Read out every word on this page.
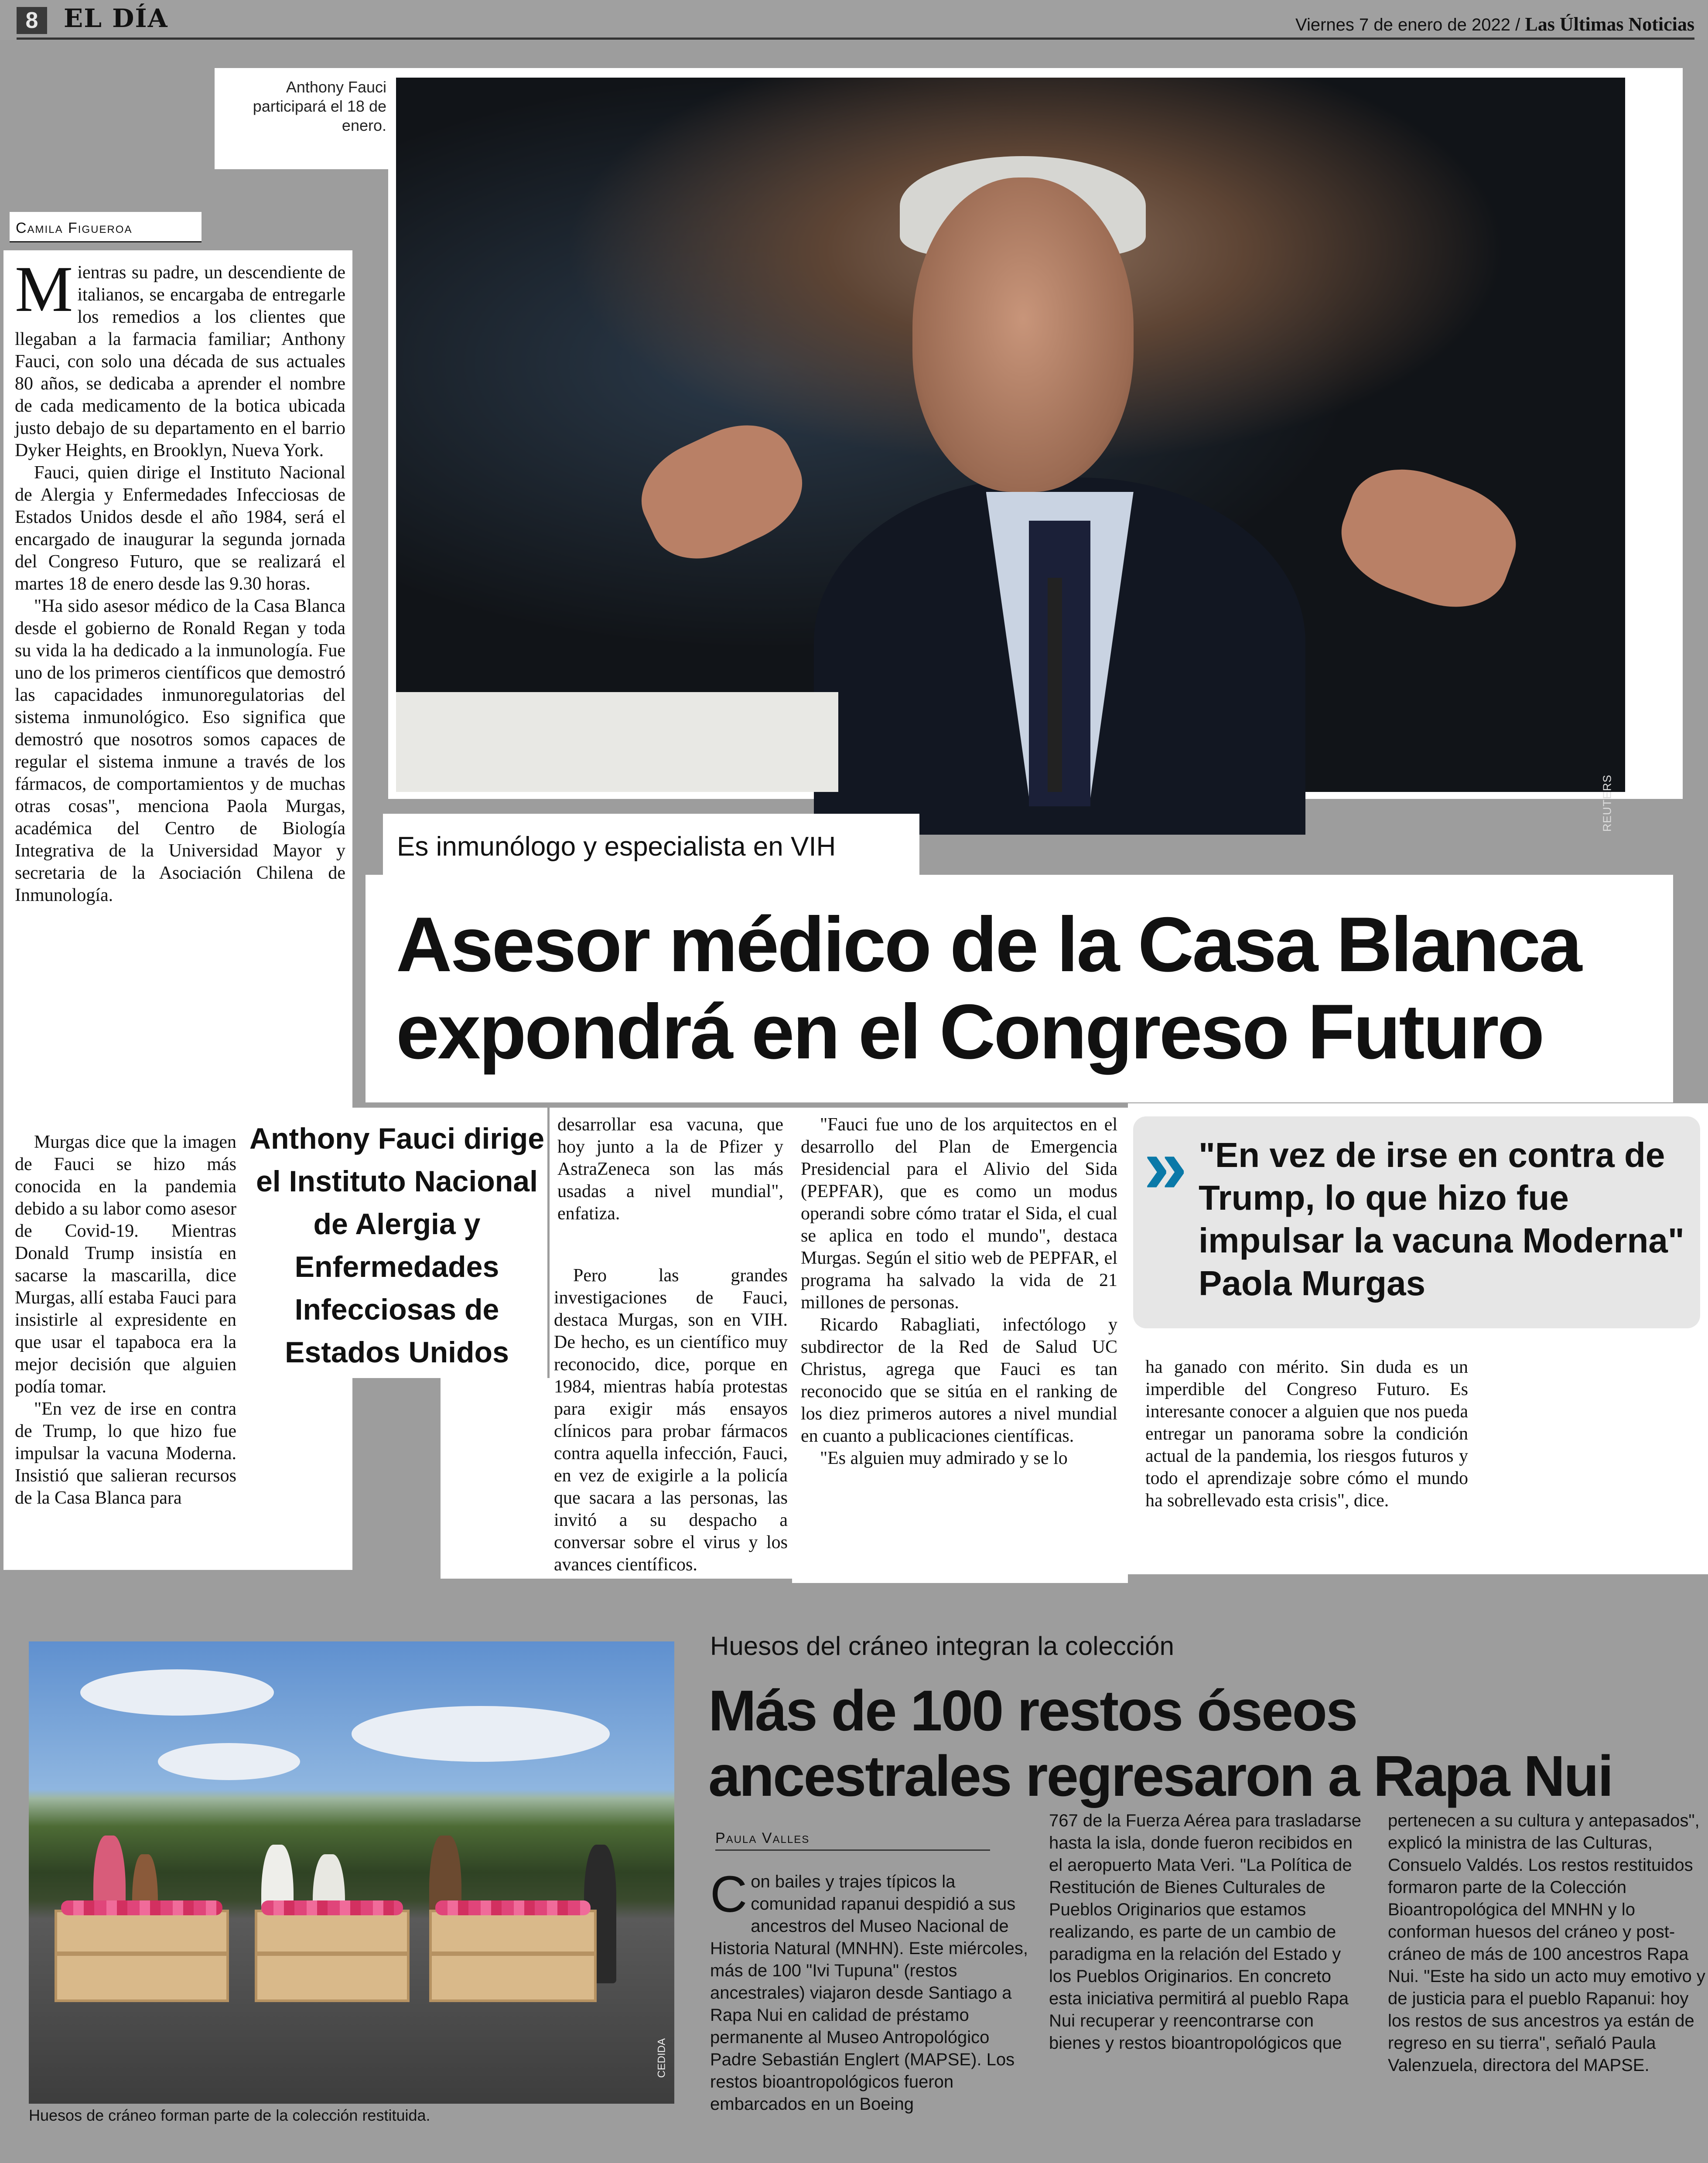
8	EL DÍA	Viernes 7 de enero de 2022 / Las Últimas Noticias
Anthony Fauci participará el 18 de enero.
REUTERS
Camila Figueroa
Mientras su padre, un descendiente de italianos, se encargaba de entregarle los remedios a los clientes que llegaban a la farmacia familiar; Anthony Fauci, con solo una década de sus actuales 80 años, se dedicaba a aprender el nombre de cada medicamento de la botica ubicada justo debajo de su departamento en el barrio Dyker Heights, en Brooklyn, Nueva York.

Fauci, quien dirige el Instituto Nacional de Alergia y Enfermedades Infecciosas de Estados Unidos desde el año 1984, será el encargado de inaugurar la segunda jornada del Congreso Futuro, que se realizará el martes 18 de enero desde las 9.30 horas.

"Ha sido asesor médico de la Casa Blanca desde el gobierno de Ronald Regan y toda su vida la ha dedicado a la inmunología. Fue uno de los primeros científicos que demostró las capacidades inmunoregulatorias del sistema inmunológico. Eso significa que demostró que nosotros somos capaces de regular el sistema inmune a través de los fármacos, de comportamientos y de muchas otras cosas", menciona Paola Murgas, académica del Centro de Biología Integrativa de la Universidad Mayor y secretaria de la Asociación Chilena de Inmunología.

Murgas dice que la imagen de Fauci se hizo más conocida en la pandemia debido a su labor como asesor de Covid-19. Mientras Donald Trump insistía en sacarse la mascarilla, dice Murgas, allí estaba Fauci para insistirle al expresidente en que usar el tapaboca era la mejor decisión que alguien podía tomar.

"En vez de irse en contra de Trump, lo que hizo fue impulsar la vacuna Moderna. Insistió que salieran recursos de la Casa Blanca para

Es inmunólogo y especialista en VIH
Asesor médico de la Casa Blanca expondrá en el Congreso Futuro
Anthony Fauci dirige el Instituto Nacional de Alergia y Enfermedades Infecciosas de Estados Unidos

desarrollar esa vacuna, que hoy junto a la de Pfizer y AstraZeneca son las más usadas a nivel mundial", enfatiza.

Pero las grandes investigaciones de Fauci, destaca Murgas, son en VIH. De hecho, es un científico muy reconocido, dice, porque en 1984, mientras había protestas para exigir más ensayos clínicos para probar fármacos contra aquella infección, Fauci, en vez de exigirle a la policía que sacara a las personas, las invitó a su despacho a conversar sobre el virus y los avances científicos.

"Fauci fue uno de los arquitectos en el desarrollo del Plan de Emergencia Presidencial para el Alivio del Sida (PEPFAR), que es como un modus operandi sobre cómo tratar el Sida, el cual se aplica en todo el mundo", destaca Murgas. Según el sitio web de PEPFAR, el programa ha salvado la vida de 21 millones de personas.

Ricardo Rabagliati, infectólogo y subdirector de la Red de Salud UC Christus, agrega que Fauci es tan reconocido que se sitúa en el ranking de los diez primeros autores a nivel mundial en cuanto a publicaciones científicas.

"Es alguien muy admirado y se lo

» "En vez de irse en contra de Trump, lo que hizo fue impulsar la vacuna Moderna" Paola Murgas

ha ganado con mérito. Sin duda es un imperdible del Congreso Futuro. Es interesante conocer a alguien que nos pueda entregar un panorama sobre la condición actual de la pandemia, los riesgos futuros y todo el aprendizaje sobre cómo el mundo ha sobrellevado esta crisis", dice.

CEDIDA
Huesos de cráneo forman parte de la colección restituida.
Huesos del cráneo integran la colección
Más de 100 restos óseos ancestrales regresaron a Rapa Nui
Paula Valles
Con bailes y trajes típicos la comunidad rapanui despidió a sus ancestros del Museo Nacional de Historia Natural (MNHN). Este miércoles, más de 100 "Ivi Tupuna" (restos ancestrales) viajaron desde Santiago a Rapa Nui en calidad de préstamo permanente al Museo Antropológico Padre Sebastián Englert (MAPSE). Los restos bioantropológicos fueron embarcados en un Boeing
767 de la Fuerza Aérea para trasladarse hasta la isla, donde fueron recibidos en el aeropuerto Mata Veri. "La Política de Restitución de Bienes Culturales de Pueblos Originarios que estamos realizando, es parte de un cambio de paradigma en la relación del Estado y los Pueblos Originarios. En concreto esta iniciativa permitirá al pueblo Rapa Nui recuperar y reencontrarse con bienes y restos bioantropológicos que
pertenecen a su cultura y antepasados", explicó la ministra de las Culturas, Consuelo Valdés. Los restos restituidos formaron parte de la Colección Bioantropológica del MNHN y lo conforman huesos del cráneo y post-cráneo de más de 100 ancestros Rapa Nui. "Este ha sido un acto muy emotivo y de justicia para el pueblo Rapanui: hoy los restos de sus ancestros ya están de regreso en su tierra", señaló Paula Valenzuela, directora del MAPSE.
